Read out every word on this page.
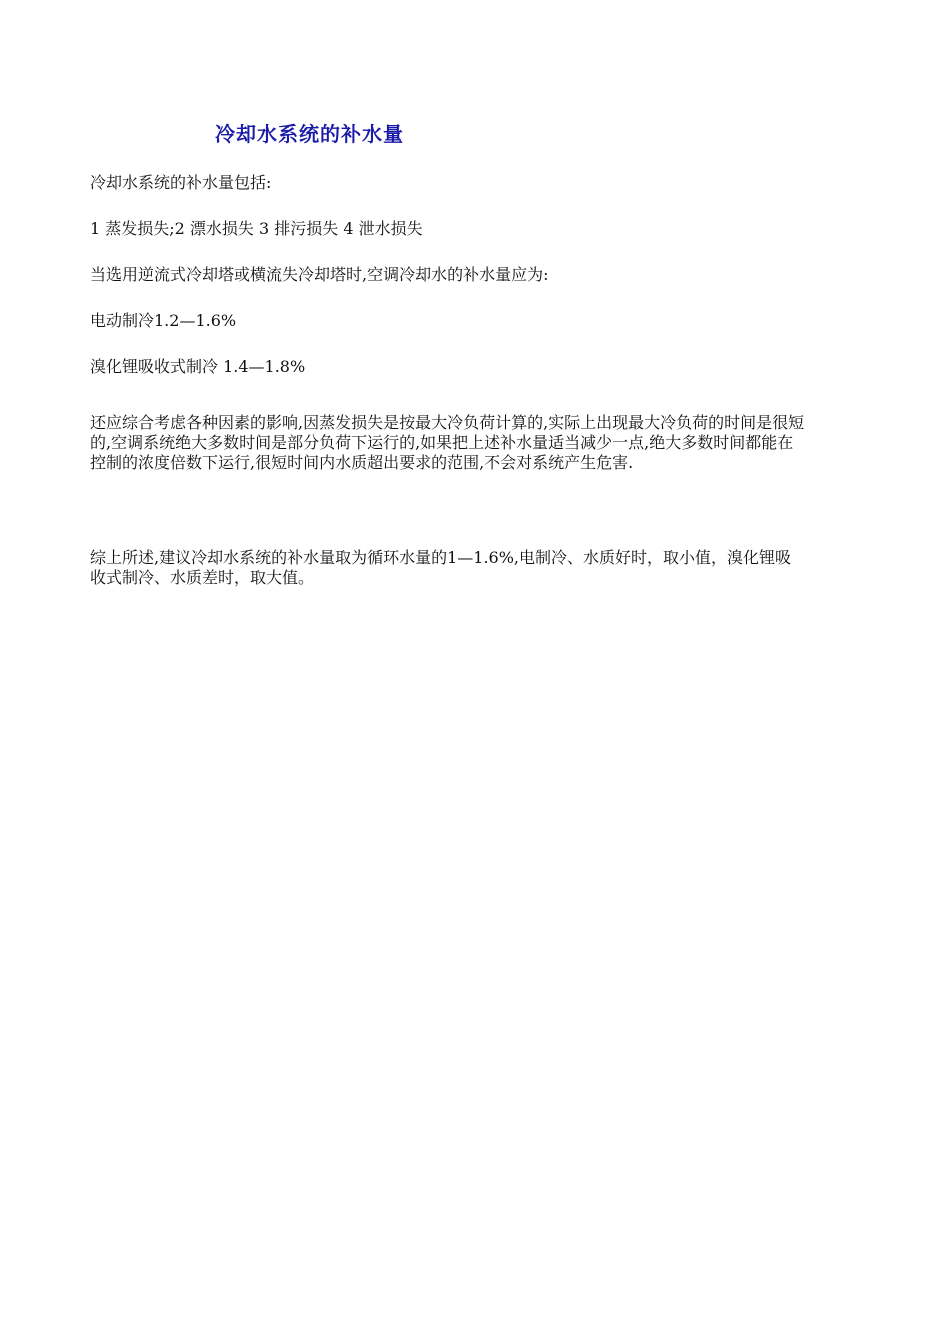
冷却水系统的补水量
冷却水系统的补水量包括:
1 蒸发损失;2 漂水损失 3 排污损失 4 泄水损失
当选用逆流式冷却塔或横流失冷却塔时,空调冷却水的补水量应为:
电动制冷1.2—1.6%
溴化锂吸收式制冷 1.4—1.8%
还应综合考虑各种因素的影响,因蒸发损失是按最大冷负荷计算的,实际上出现最大冷负荷的时间是很短的,空调系统绝大多数时间是部分负荷下运行的,如果把上述补水量适当减少一点,绝大多数时间都能在控制的浓度倍数下运行,很短时间内水质超出要求的范围,不会对系统产生危害.
综上所述,建议冷却水系统的补水量取为循环水量的1—1.6%,电制冷、水质好时，取小值，溴化锂吸收式制冷、水质差时，取大值。
